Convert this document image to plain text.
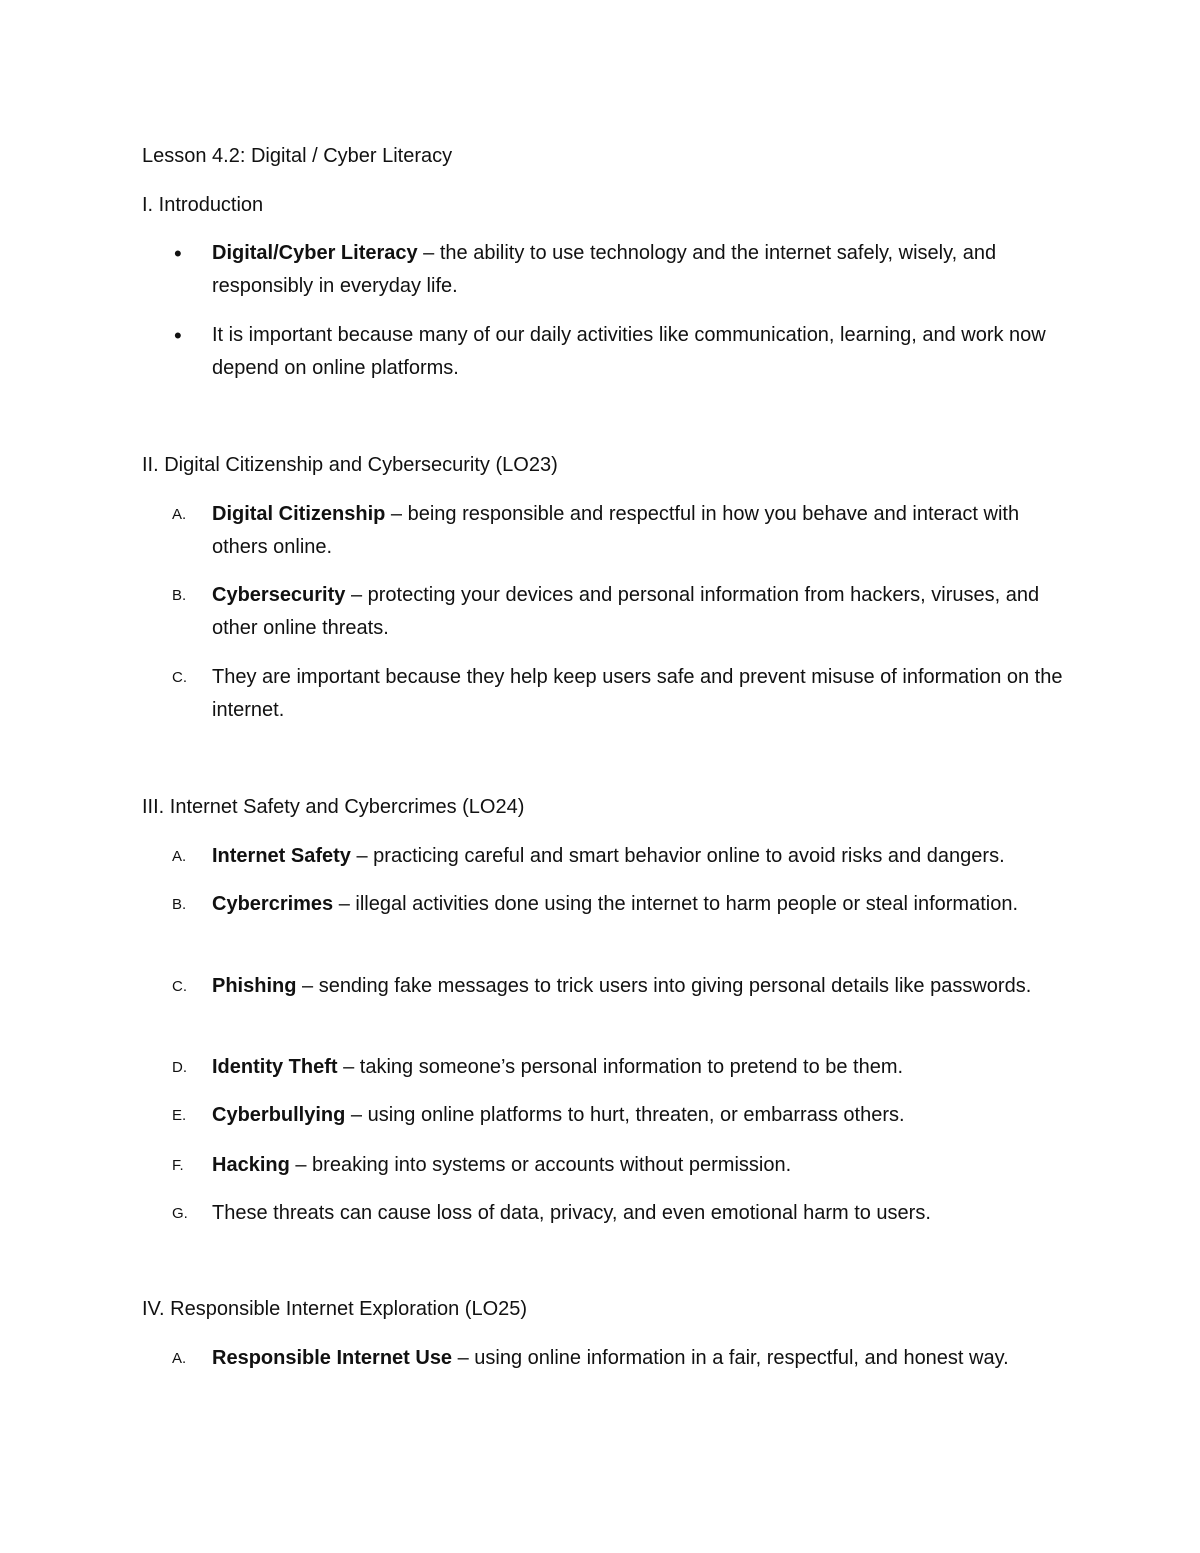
Lesson 4.2: Digital / Cyber Literacy
I. Introduction
•	Digital/Cyber Literacy – the ability to use technology and the internet safely, wisely, and responsibly in everyday life.
•	It is important because many of our daily activities like communication, learning, and work now depend on online platforms.
II. Digital Citizenship and Cybersecurity (LO23)
A.	Digital Citizenship – being responsible and respectful in how you behave and interact with others online.
B.	Cybersecurity – protecting your devices and personal information from hackers, viruses, and other online threats.
C.	They are important because they help keep users safe and prevent misuse of information on the internet.
III. Internet Safety and Cybercrimes (LO24)
A.	Internet Safety – practicing careful and smart behavior online to avoid risks and dangers.
B.	Cybercrimes – illegal activities done using the internet to harm people or steal information.
C.	Phishing – sending fake messages to trick users into giving personal details like passwords.
D.	Identity Theft – taking someone’s personal information to pretend to be them.
E.	Cyberbullying – using online platforms to hurt, threaten, or embarrass others.
F.	Hacking – breaking into systems or accounts without permission.
G.	These threats can cause loss of data, privacy, and even emotional harm to users.
IV. Responsible Internet Exploration (LO25)
A.	Responsible Internet Use – using online information in a fair, respectful, and honest way.
